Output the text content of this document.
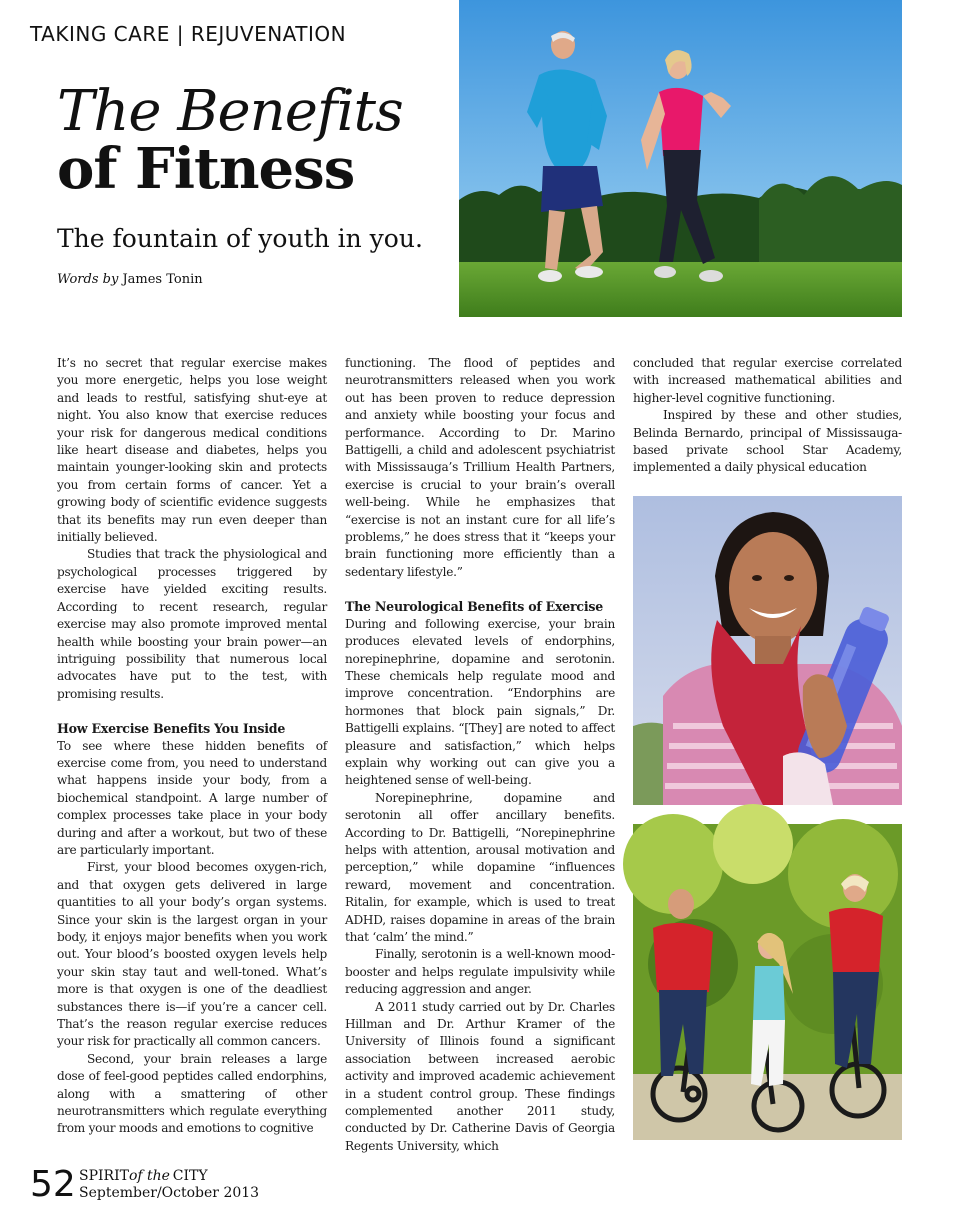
TAKING CARE | REJUVENATION
The Benefits
of Fitness
The fountain of youth in you.
Words by James Tonin

It’s no secret that regular exercise makes you more energetic, helps you lose weight and leads to restful, satisfying shut-eye at night. You also know that exercise reduces your risk for dangerous medical conditions like heart disease and diabetes, helps you maintain younger-looking skin and protects you from certain forms of cancer. Yet a growing body of scientific evidence suggests that its benefits may run even deeper than initially believed.

Studies that track the physiological and psychological processes triggered by exercise have yielded exciting results. According to recent research, regular exercise may also promote improved mental health while boosting your brain power—an intriguing possibility that numerous local advocates have put to the test, with promising results.

How Exercise Benefits You Inside

To see where these hidden benefits of exercise come from, you need to understand what happens inside your body, from a biochemical standpoint. A large number of complex processes take place in your body during and after a workout, but two of these are particularly important.

First, your blood becomes oxygen-rich, and that oxygen gets delivered in large quantities to all your body’s organ systems. Since your skin is the largest organ in your body, it enjoys major benefits when you work out. Your blood’s boosted oxygen levels help your skin stay taut and well-toned. What’s more is that oxygen is one of the deadliest substances there is—if you’re a cancer cell. That’s the reason regular exercise reduces your risk for practically all common cancers.

Second, your brain releases a large dose of feel-good peptides called endorphins, along with a smattering of other neurotransmitters which regulate everything from your moods and emotions to cognitive

functioning. The flood of peptides and neurotransmitters released when you work out has been proven to reduce depression and anxiety while boosting your focus and performance. According to Dr. Marino Battigelli, a child and adolescent psychiatrist with Mississauga’s Trillium Health Partners, exercise is crucial to your brain’s overall well-being. While he emphasizes that “exercise is not an instant cure for all life’s problems,” he does stress that it “keeps your brain functioning more efficiently than a sedentary lifestyle.”

The Neurological Benefits of Exercise

During and following exercise, your brain produces elevated levels of endorphins, norepinephrine, dopamine and serotonin. These chemicals help regulate mood and improve concentration. “Endorphins are hormones that block pain signals,” Dr. Battigelli explains. “[They] are noted to affect pleasure and satisfaction,” which helps explain why working out can give you a heightened sense of well-being.

Norepinephrine, dopamine and serotonin all offer ancillary benefits. According to Dr. Battigelli, “Norepinephrine helps with attention, arousal motivation and perception,” while dopamine “influences reward, movement and concentration. Ritalin, for example, which is used to treat ADHD, raises dopamine in areas of the brain that ‘calm’ the mind.”

Finally, serotonin is a well-known mood-booster and helps regulate impulsivity while reducing aggression and anger.

A 2011 study carried out by Dr. Charles Hillman and Dr. Arthur Kramer of the University of Illinois found a significant association between increased aerobic activity and improved academic achievement in a student control group. These findings complemented another 2011 study, conducted by Dr. Catherine Davis of Georgia Regents University, which

concluded that regular exercise correlated with increased mathematical abilities and higher-level cognitive functioning.

Inspired by these and other studies, Belinda Bernardo, principal of Mississauga-based private school Star Academy, implemented a daily physical education

52 SPIRITof the  CITY
September/October 2013
